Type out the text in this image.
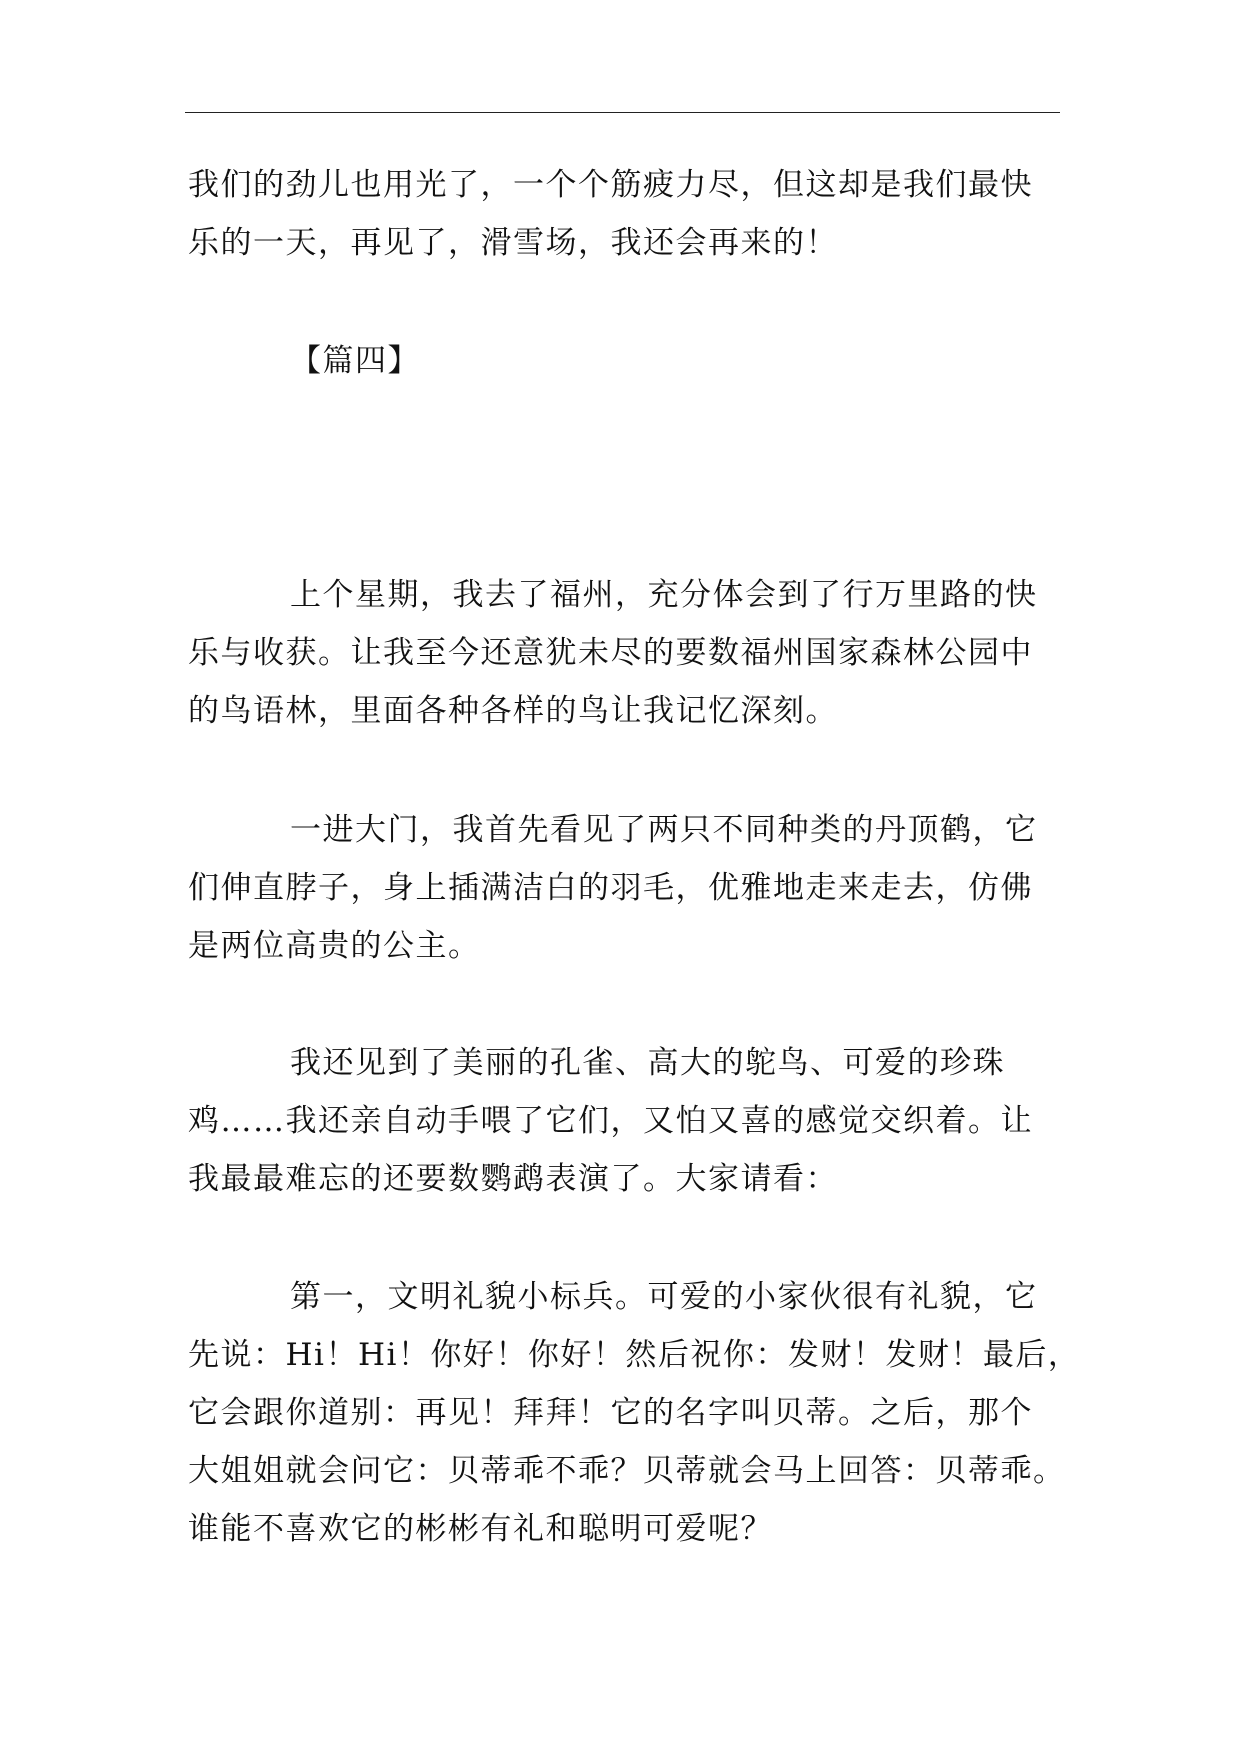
我们的劲儿也用光了，一个个筋疲力尽，但这却是我们最快
乐的一天，再见了，滑雪场，我还会再来的！
【篇四】
上个星期，我去了福州，充分体会到了行万里路的快
乐与收获。让我至今还意犹未尽的要数福州国家森林公园中
的鸟语林，里面各种各样的鸟让我记忆深刻。
一进大门，我首先看见了两只不同种类的丹顶鹤，它
们伸直脖子，身上插满洁白的羽毛，优雅地走来走去，仿佛
是两位高贵的公主。
我还见到了美丽的孔雀、高大的鸵鸟、可爱的珍珠
鸡……我还亲自动手喂了它们，又怕又喜的感觉交织着。让
我最最难忘的还要数鹦鹉表演了。大家请看：
第一，文明礼貌小标兵。可爱的小家伙很有礼貌，它
先说：Hi！Hi！你好！你好！然后祝你：发财！发财！最后，
它会跟你道别：再见！拜拜！它的名字叫贝蒂。之后，那个
大姐姐就会问它：贝蒂乖不乖？贝蒂就会马上回答：贝蒂乖。
谁能不喜欢它的彬彬有礼和聪明可爱呢？
